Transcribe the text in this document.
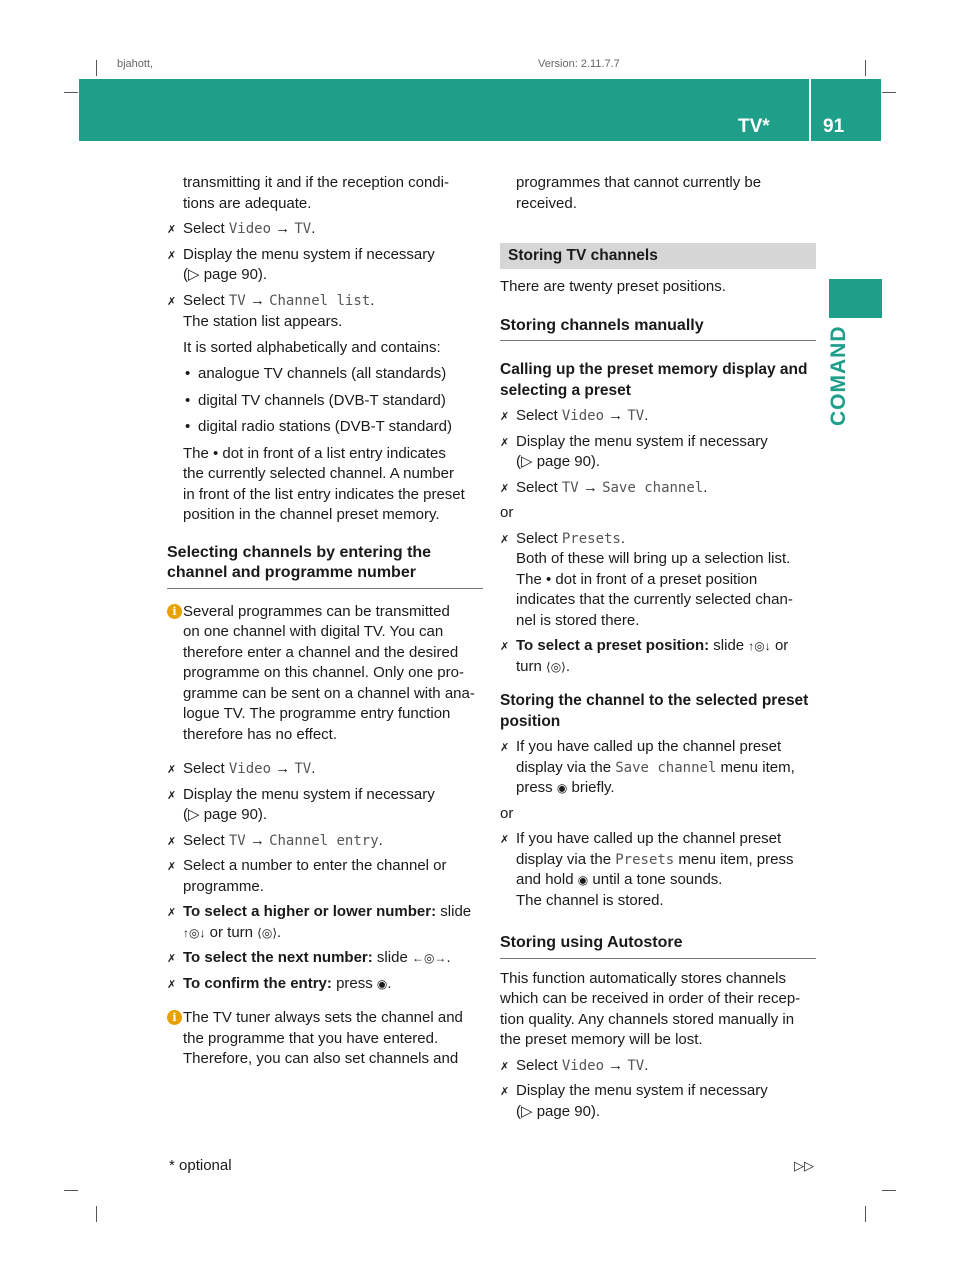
bjahott,	Version: 2.11.7.7
TV*	91
COMAND

transmitting it and if the reception condi-

tions are adequate.

✗ Select Video → TV.
✗ Display the menu system if necessary

(▷ page 90).

✗ Select TV → Channel list.

The station list appears.

It is sorted alphabetically and contains:

• analogue TV channels (all standards)
• digital TV channels (DVB-T standard)
• digital radio stations (DVB-T standard)

The • dot in front of a list entry indicates

the currently selected channel. A number

in front of the list entry indicates the preset

position in the channel preset memory.

Selecting channels by entering the

channel and programme number

i Several programmes can be transmitted

on one channel with digital TV. You can

therefore enter a channel and the desired

programme on this channel. Only one pro-

gramme can be sent on a channel with ana-

logue TV. The programme entry function

therefore has no effect.

✗ Select Video → TV.
✗ Display the menu system if necessary

(▷ page 90).

✗ Select TV → Channel entry.
✗ Select a number to enter the channel or

programme.

✗ To select a higher or lower number: slide

↑◎↓ or turn ⟨◎⟩.

✗ To select the next number: slide ←◎→.
✗ To confirm the entry: press ◉.
i The TV tuner always sets the channel and

the programme that you have entered.

Therefore, you can also set channels and

programmes that cannot currently be

received.

Storing TV channels

There are twenty preset positions.

Storing channels manually

Calling up the preset memory display and

selecting a preset

✗ Select Video → TV.
✗ Display the menu system if necessary

(▷ page 90).

✗ Select TV → Save channel.

or

✗ Select Presets.

Both of these will bring up a selection list.

The • dot in front of a preset position

indicates that the currently selected chan-

nel is stored there.

✗ To select a preset position: slide ↑◎↓ or

turn ⟨◎⟩.

Storing the channel to the selected preset

position

✗ If you have called up the channel preset

display via the Save channel menu item,

press ◉ briefly.

or

✗ If you have called up the channel preset

display via the Presets menu item, press

and hold ◉ until a tone sounds.

The channel is stored.

Storing using Autostore

This function automatically stores channels

which can be received in order of their recep-

tion quality. Any channels stored manually in

the preset memory will be lost.

✗ Select Video → TV.
✗ Display the menu system if necessary

(▷ page 90).

* optional	▷▷
